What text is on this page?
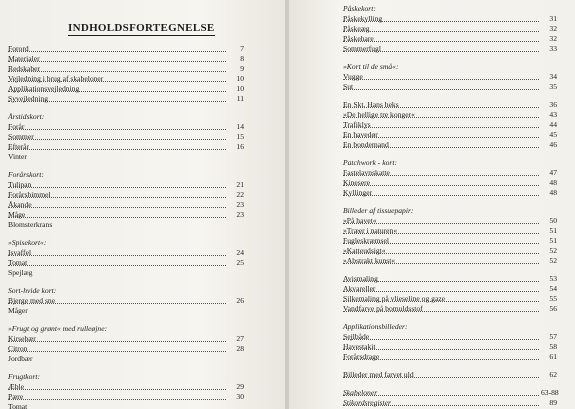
INDHOLDSFORTEGNELSE
Forord	7
Materialer	8
Redskaber	9
Vejledning i brug af skabeloner	10
Applikationsvejledning	10
Syvejledning	11
Årstidskort:
Forår	14
Sommer	15
Efterår	16
Vinter
Forårskort:
Tulipan	21
Forårshimmel	22
Åkande	23
Måge	23
Blomsterkrans
»Spisekort«:
Isvaffel	24
Tomat	25
Spejlæg
Sort-hvide kort:
Bjerge med sne	26
Måger
»Frugt og grønt« med rulleøjne:
Kirsebær	27
Citron	28
Jordbær
Frugtkort:
Æble	29
Pære	30
Tomat
Påskekort:
Påskekylling	31
Påskeæg	32
Påskehare	32
Sommerfugl	33
»Kort til de små«:
Vugge	34
Sut	35
En Skt. Hans heks	36
»De hellige tre konger«	43
Trafiklys	44
En havedør	45
En bondemand	46
Patchwork - kort:
Fastelavnskatte	47
Kinesere	48
Kyllinger	48
Billeder af tissuepapir:
»På havet«	50
»Træer i naturen«	51
Fugleskræmsel	51
»Katteudsigt«	52
»Abstrakt kunst«	52
Avismaling	53
Akvareller	54
Silkemaling på vlieseline og gaze	55
Vandfarve på bomuldsstof	56
Applikationsbilleder:
Sejlbåde	57
Havestakit	58
Forårsdrage	61
Billeder med farvet uld	62
Skabeloner	63-88
Stikordsregister	89
